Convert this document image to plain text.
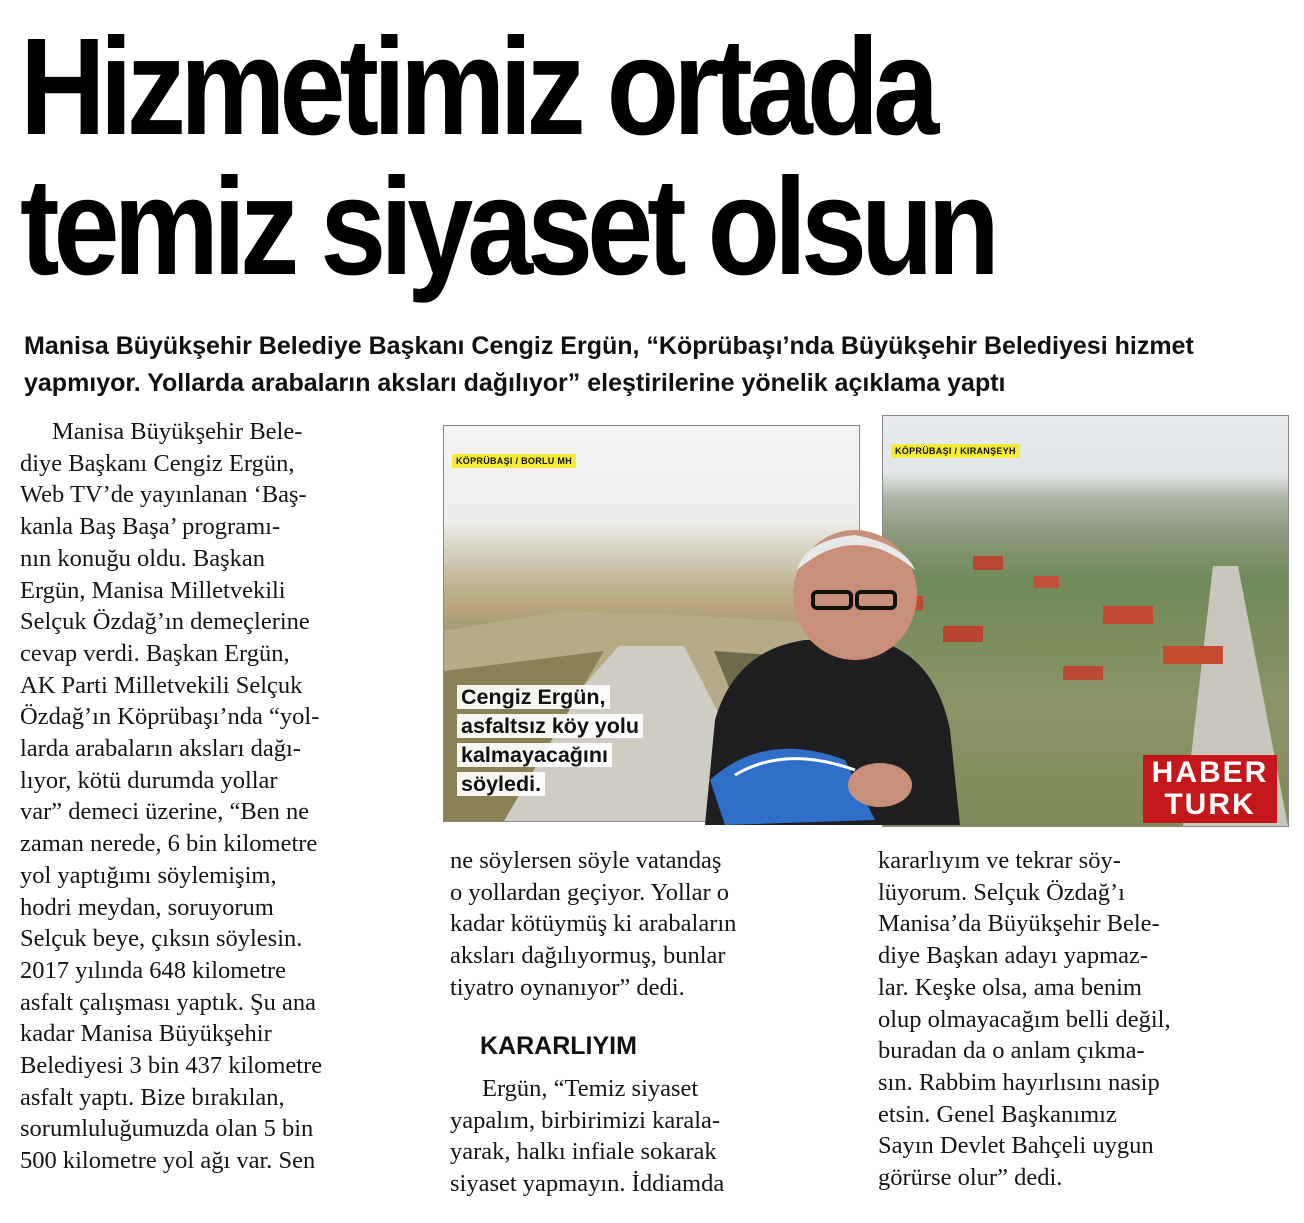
Hizmetimiz ortada
temiz siyaset olsun
Manisa Büyükşehir Belediye Başkanı Cengiz Ergün, “Köprübaşı’nda Büyükşehir Belediyesi hizmet yapmıyor. Yollarda arabaların aksları dağılıyor” eleştirilerine yönelik açıklama yaptı

Manisa Büyükşehir Bele-
diye Başkanı Cengiz Ergün,
Web TV’de yayınlanan ‘Baş-
kanla Baş Başa’ programı-
nın konuğu oldu. Başkan
Ergün, Manisa Milletvekili
Selçuk Özdağ’ın demeçlerine
cevap verdi. Başkan Ergün,
AK Parti Milletvekili Selçuk
Özdağ’ın Köprübaşı’nda “yol-
larda arabaların aksları dağı-
lıyor, kötü durumda yollar
var” demeci üzerine, “Ben ne
zaman nerede, 6 bin kilometre
yol yaptığımı söylemişim,
hodri meydan, soruyorum
Selçuk beye, çıksın söylesin.
2017 yılında 648 kilometre
asfalt çalışması yaptık. Şu ana
kadar Manisa Büyükşehir
Belediyesi 3 bin 437 kilometre
asfalt yaptı. Bize bırakılan,
sorumluluğumuzda olan 5 bin
500 kilometre yol ağı var. Sen

KÖPRÜBAŞI / BORLU MH
KÖPRÜBAŞI / KIRANŞEYH
Cengiz Ergün,
asfaltsız köy yolu
kalmayacağını
söyledi.	HABER
TURK

ne söylersen söyle vatandaş
o yollardan geçiyor. Yollar o
kadar kötüymüş ki arabaların
aksları dağılıyormuş, bunlar
tiyatro oynanıyor” dedi.

KARARLIYIM

Ergün, “Temiz siyaset
yapalım, birbirimizi karala-
yarak, halkı infiale sokarak
siyaset yapmayın. İddiamda

kararlıyım ve tekrar söy-
lüyorum. Selçuk Özdağ’ı
Manisa’da Büyükşehir Bele-
diye Başkan adayı yapmaz-
lar. Keşke olsa, ama benim
olup olmayacağım belli değil,
buradan da o anlam çıkma-
sın. Rabbim hayırlısını nasip
etsin. Genel Başkanımız
Sayın Devlet Bahçeli uygun
görürse olur” dedi.
